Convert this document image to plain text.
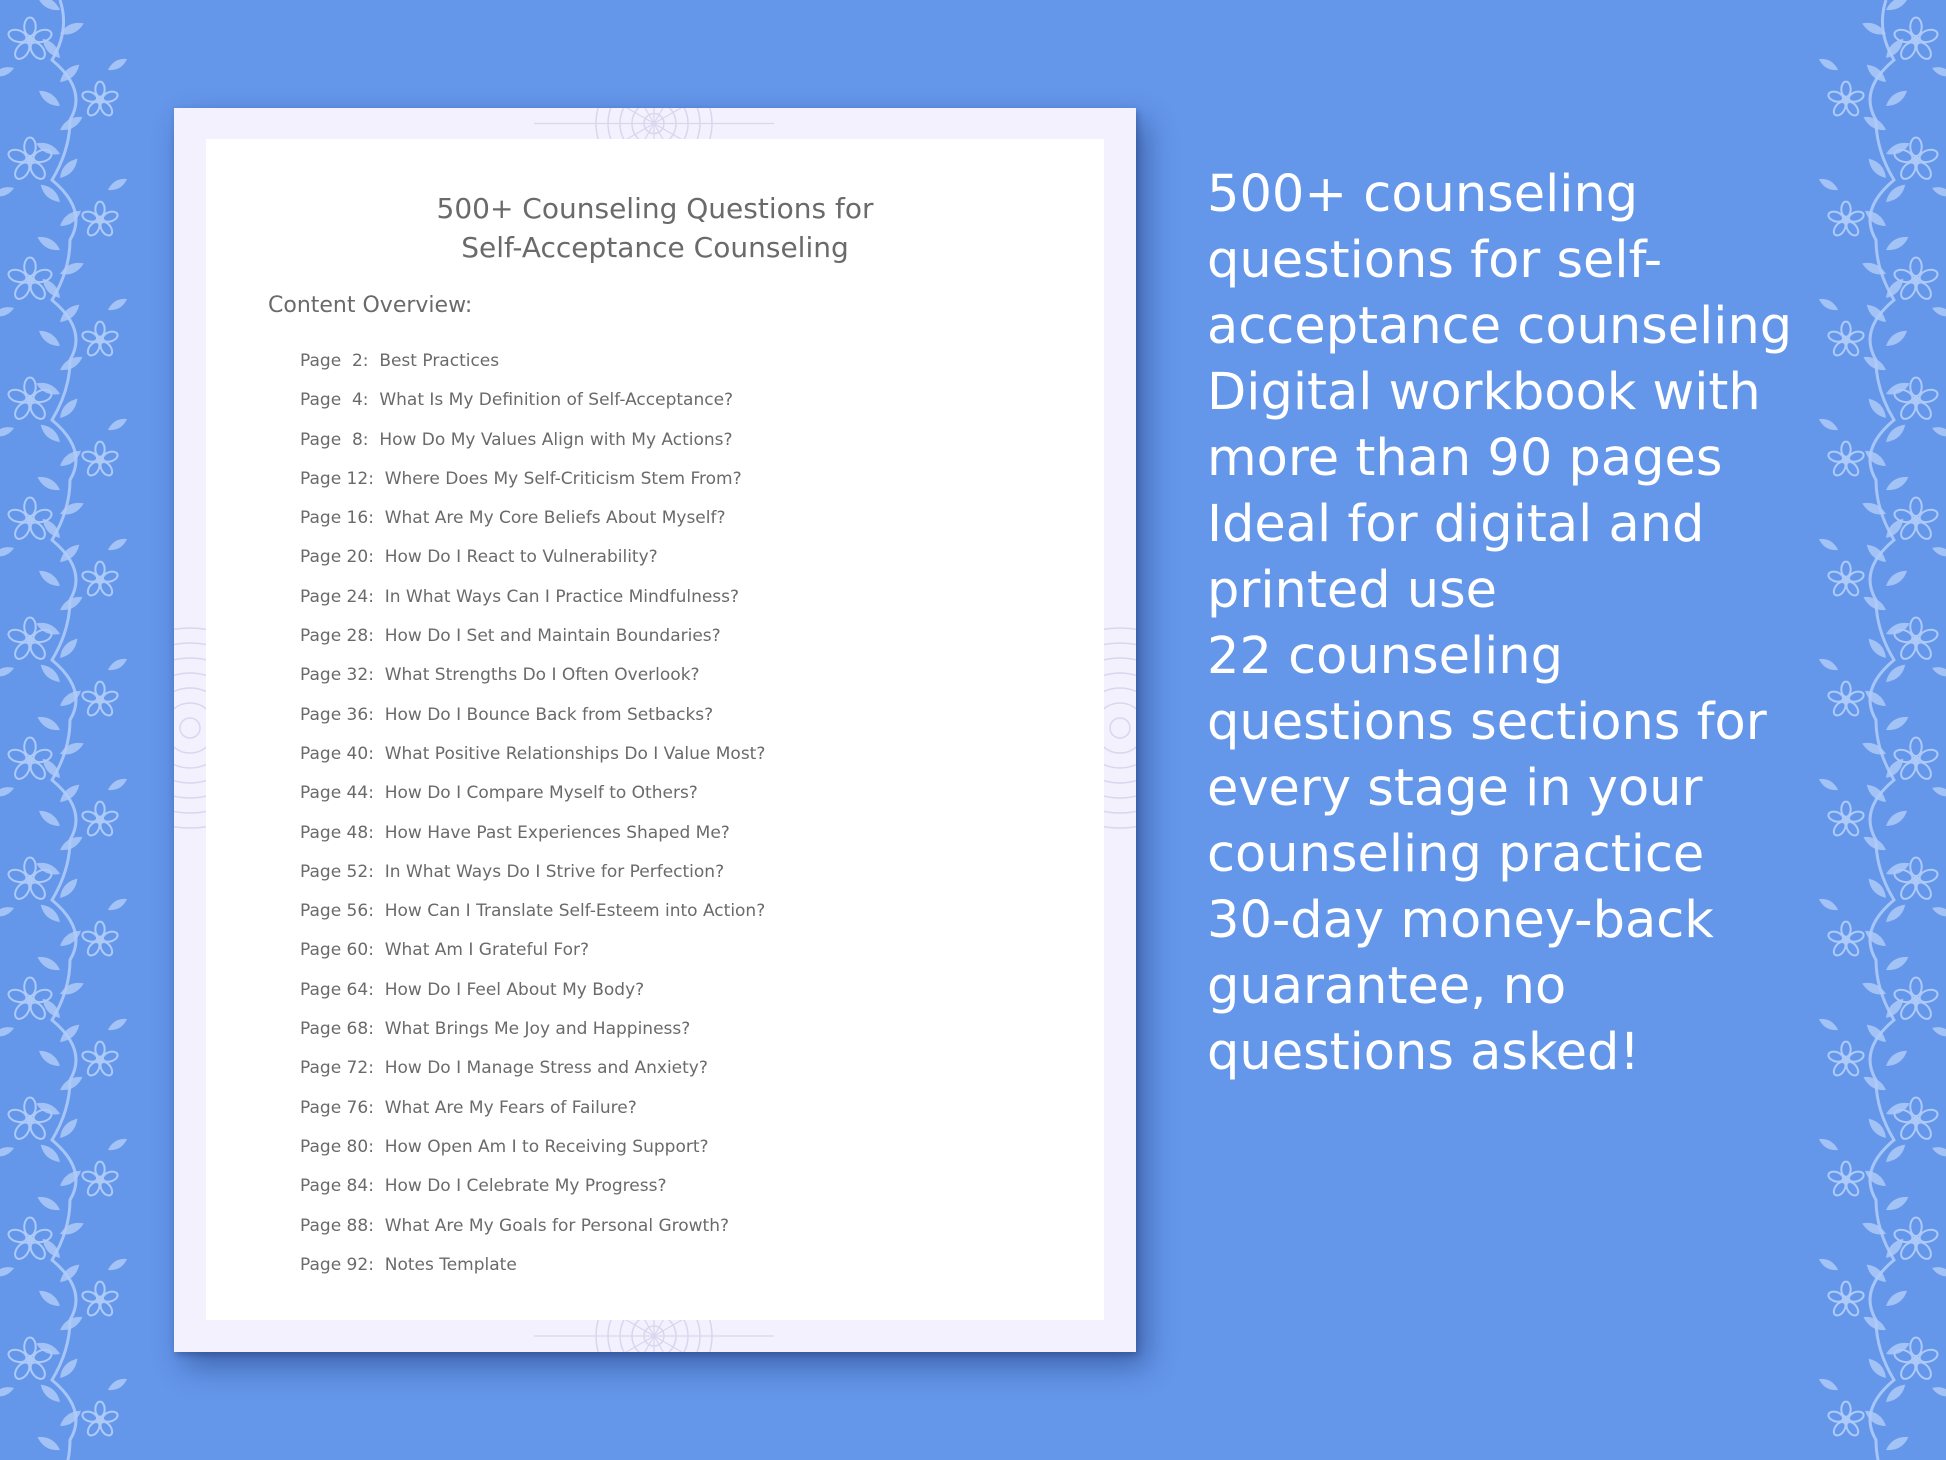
500+ Counseling Questions for
Self-Acceptance Counseling
Content Overview:
Page  2:  Best Practices
Page  4:  What Is My Definition of Self-Acceptance?
Page  8:  How Do My Values Align with My Actions?
Page 12:  Where Does My Self-Criticism Stem From?
Page 16:  What Are My Core Beliefs About Myself?
Page 20:  How Do I React to Vulnerability?
Page 24:  In What Ways Can I Practice Mindfulness?
Page 28:  How Do I Set and Maintain Boundaries?
Page 32:  What Strengths Do I Often Overlook?
Page 36:  How Do I Bounce Back from Setbacks?
Page 40:  What Positive Relationships Do I Value Most?
Page 44:  How Do I Compare Myself to Others?
Page 48:  How Have Past Experiences Shaped Me?
Page 52:  In What Ways Do I Strive for Perfection?
Page 56:  How Can I Translate Self-Esteem into Action?
Page 60:  What Am I Grateful For?
Page 64:  How Do I Feel About My Body?
Page 68:  What Brings Me Joy and Happiness?
Page 72:  How Do I Manage Stress and Anxiety?
Page 76:  What Are My Fears of Failure?
Page 80:  How Open Am I to Receiving Support?
Page 84:  How Do I Celebrate My Progress?
Page 88:  What Are My Goals for Personal Growth?
Page 92:  Notes Template
500+ counseling
questions for self-
acceptance counseling
Digital workbook with
more than 90 pages
Ideal for digital and
printed use
22 counseling
questions sections for
every stage in your
counseling practice
30-day money-back
guarantee, no
questions asked!
